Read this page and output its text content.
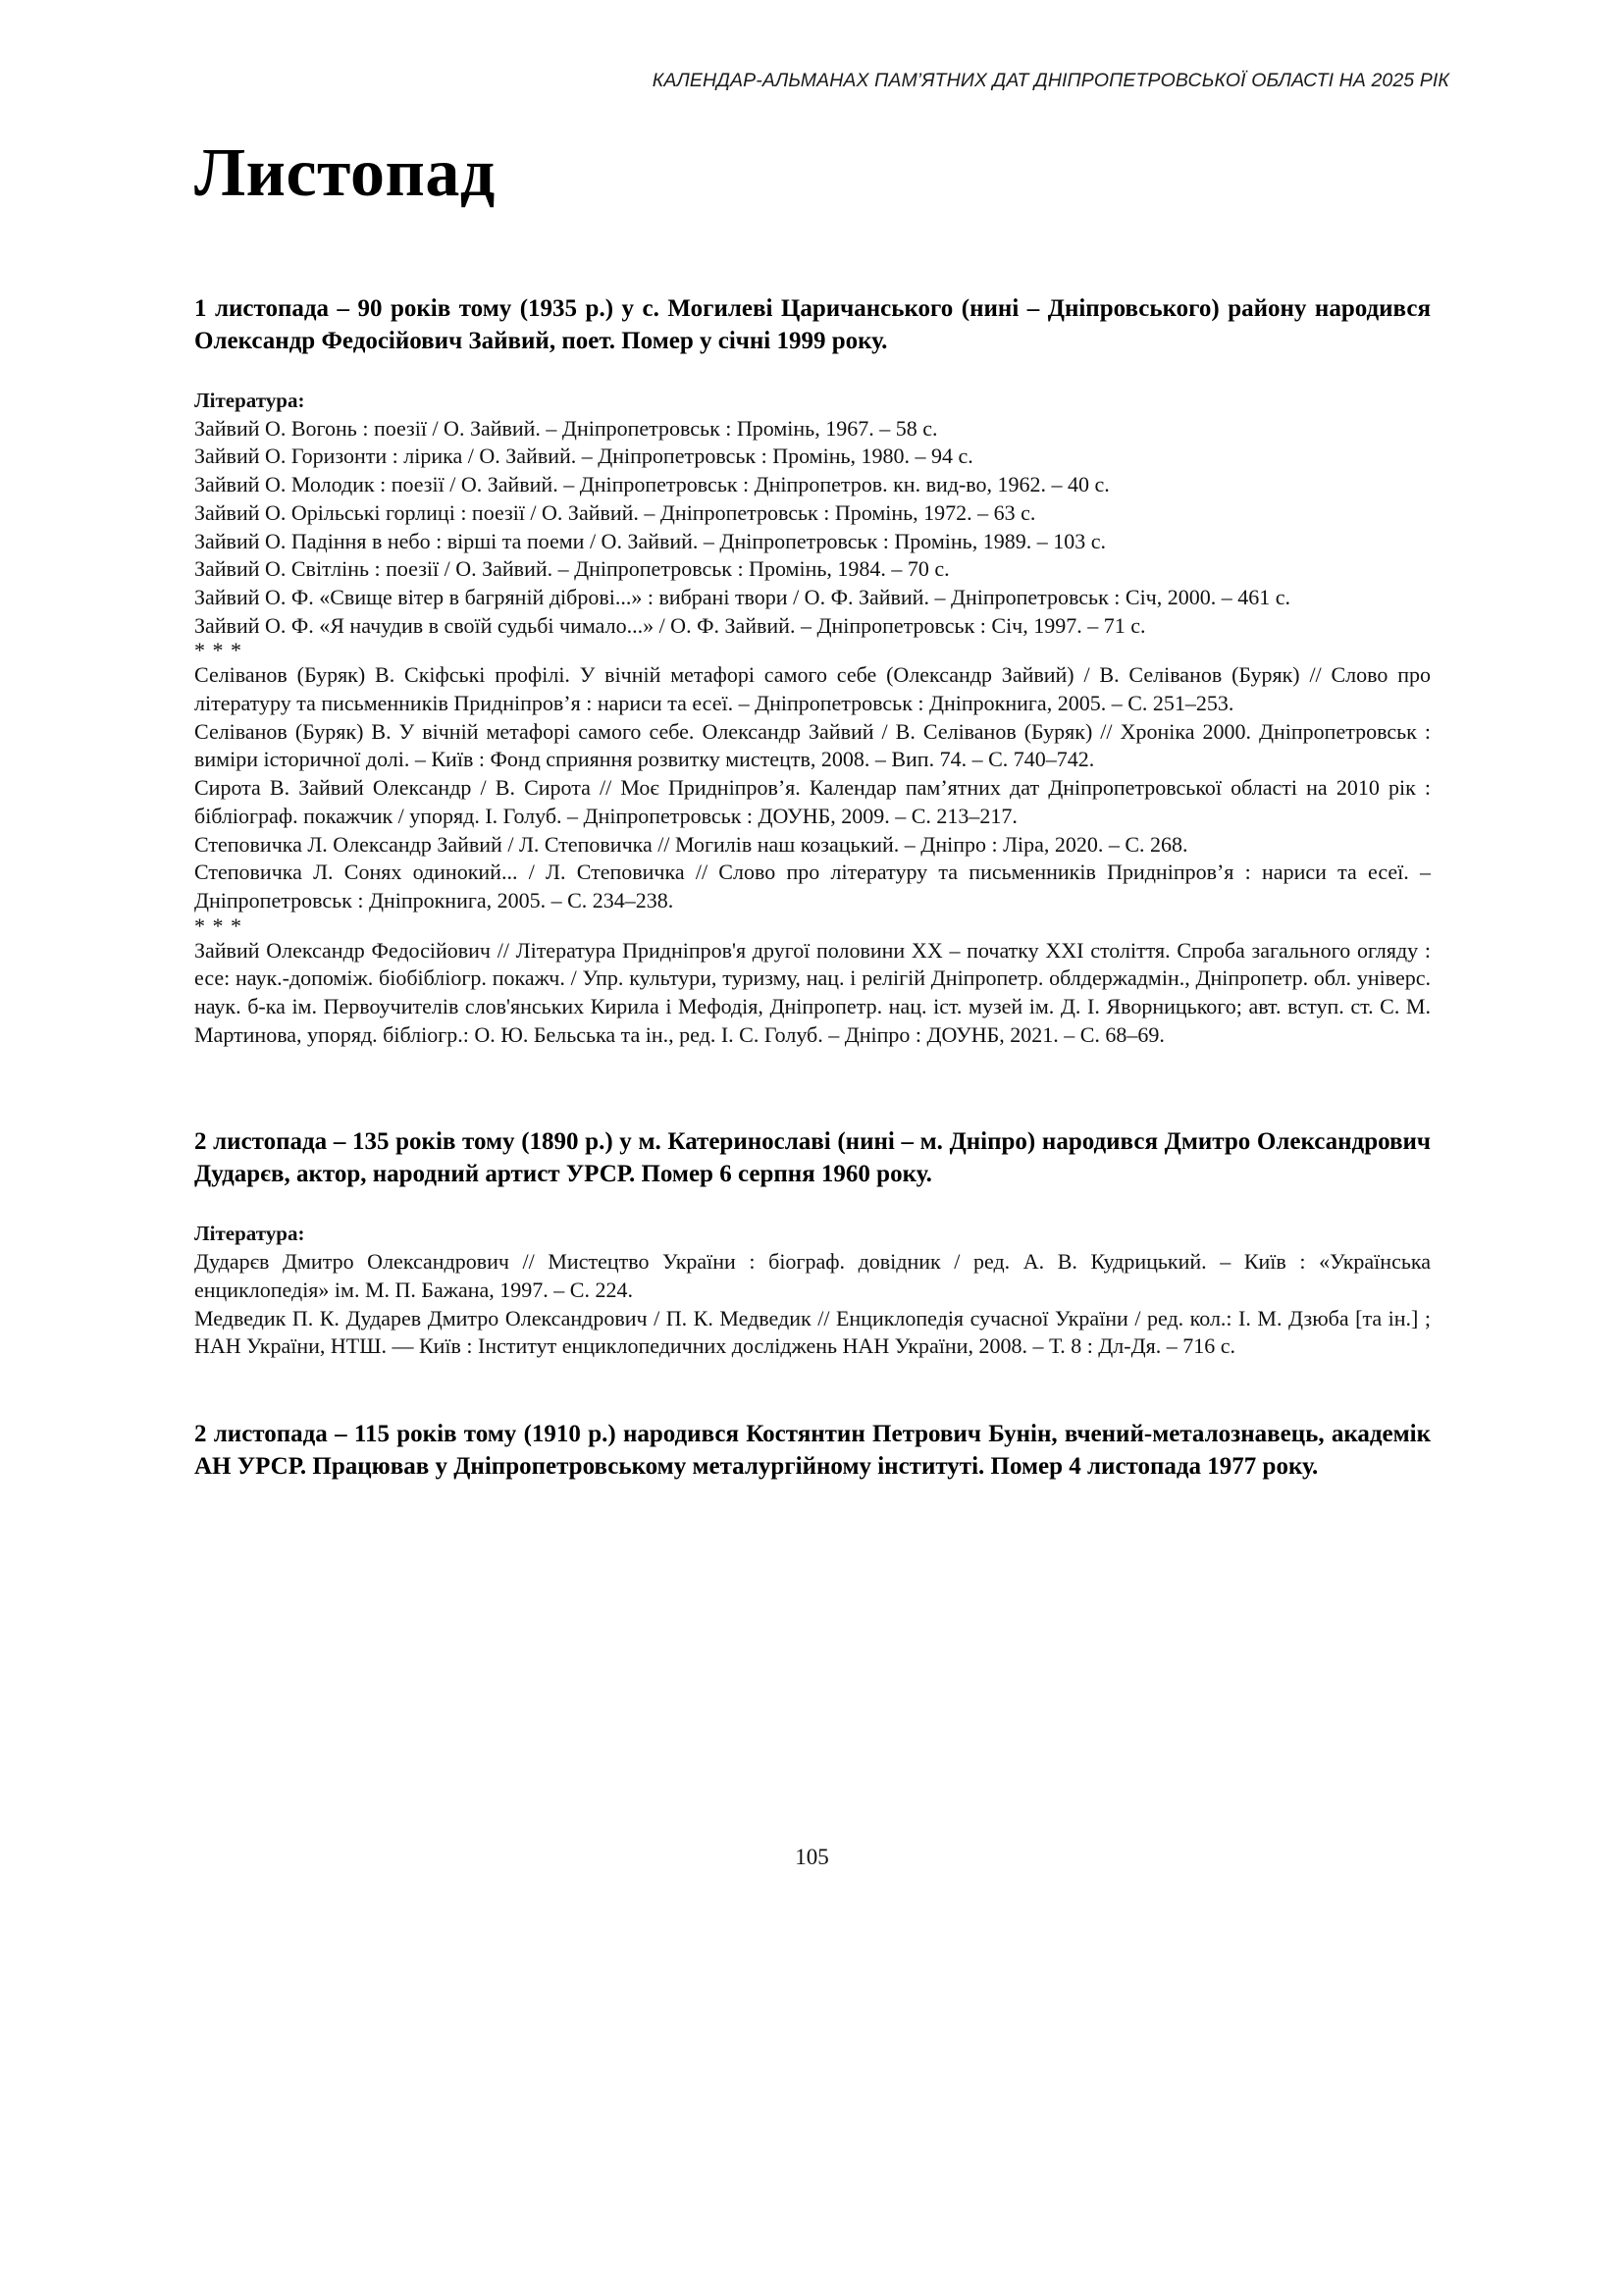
КАЛЕНДАР-АЛЬМАНАХ ПАМ’ЯТНИХ ДАТ ДНІПРОПЕТРОВСЬКОЇ ОБЛАСТІ НА 2025 РІК
Листопад

1 листопада – 90 років тому (1935 р.) у с. Могилеві Царичанського (нині – Дніпровського) району народився Олександр Федосійович Зайвий, поет. Помер у січні 1999 року.

Література:

Зайвий О. Вогонь : поезії / О. Зайвий. – Дніпропетровськ : Промінь, 1967. – 58 с.

Зайвий О. Горизонти : лірика / О. Зайвий. – Дніпропетровськ : Промінь, 1980. – 94 с.

Зайвий О. Молодик : поезії / О. Зайвий. – Дніпропетровськ : Дніпропетров. кн. вид-во, 1962. – 40 с.

Зайвий О. Орільські горлиці : поезії / О. Зайвий. – Дніпропетровськ : Промінь, 1972. – 63 с.

Зайвий О. Падіння в небо : вірші та поеми / О. Зайвий. – Дніпропетровськ : Промінь, 1989. – 103 с.

Зайвий О. Світлінь : поезії / О. Зайвий. – Дніпропетровськ : Промінь, 1984. – 70 с.

Зайвий О. Ф. «Свище вітер в багряній діброві...» : вибрані твори / О. Ф. Зайвий. – Дніпропетровськ : Січ, 2000. – 461 с.

Зайвий О. Ф. «Я начудив в своїй судьбі чимало...» / О. Ф. Зайвий. – Дніпропетровськ : Січ, 1997. – 71 с.

* * *

Селіванов (Буряк) В. Скіфські профілі. У вічній метафорі самого себе (Олександр Зайвий) / В. Селіванов (Буряк) // Слово про літературу та письменників Придніпров’я : нариси та есеї. – Дніпропетровськ : Дніпрокнига, 2005. – С. 251–253.

Селіванов (Буряк) В. У вічній метафорі самого себе. Олександр Зайвий / В. Селіванов (Буряк) // Хроніка 2000. Дніпропетровськ : виміри історичної долі. – Київ : Фонд сприяння розвитку мистецтв, 2008. – Вип. 74. – С. 740–742.

Сирота В. Зайвий Олександр / В. Сирота // Моє Придніпров’я. Календар пам’ятних дат Дніпропетровської області на 2010 рік : бібліограф. покажчик / упоряд. І. Голуб. – Дніпропетровськ : ДОУНБ, 2009. – С. 213–217.

Степовичка Л. Олександр Зайвий / Л. Степовичка // Могилів наш козацький. – Дніпро : Ліра, 2020. – С. 268.

Степовичка Л. Сонях одинокий... / Л. Степовичка // Слово про літературу та письменників Придніпров’я : нариси та есеї. – Дніпропетровськ : Дніпрокнига, 2005. – С. 234–238.

* * *

Зайвий Олександр Федосійович // Література Придніпров'я другої половини ХХ – початку ХХІ століття. Спроба загального огляду : есе: наук.-допоміж. біобібліогр. покажч. / Упр. культури, туризму, нац. і релігій Дніпропетр. облдержадмін., Дніпропетр. обл. універс. наук. б-ка ім. Первоучителів слов'янських Кирила і Мефодія, Дніпропетр. нац. іст. музей ім. Д. І. Яворницького; авт. вступ. ст. С. М. Мартинова, упоряд. бібліогр.: О. Ю. Бельська та ін., ред. І. С. Голуб. – Дніпро : ДОУНБ, 2021. – С. 68–69.

2 листопада – 135 років тому (1890 р.) у м. Катеринославі (нині – м. Дніпро) народився Дмитро Олександрович Дударєв, актор, народний артист УРСР. Помер 6 серпня 1960 року.

Література:

Дударєв Дмитро Олександрович // Мистецтво України : біограф. довідник / ред. А. В. Кудрицький. – Київ : «Українська енциклопедія» ім. М. П. Бажана, 1997. – С. 224.

Медведик П. К. Дударев Дмитро Олександрович / П. К. Медведик // Енциклопедія сучасної України / ред. кол.: І. М. Дзюба [та ін.] ; НАН України, НТШ. — Київ : Інститут енциклопедичних досліджень НАН України, 2008. – Т. 8 : Дл-Дя. – 716 с.

2 листопада – 115 років тому (1910 р.) народився Костянтин Петрович Бунін, вчений-металознавець, академік АН УРСР. Працював у Дніпропетровському металургійному інституті. Помер 4 листопада 1977 року.

105
